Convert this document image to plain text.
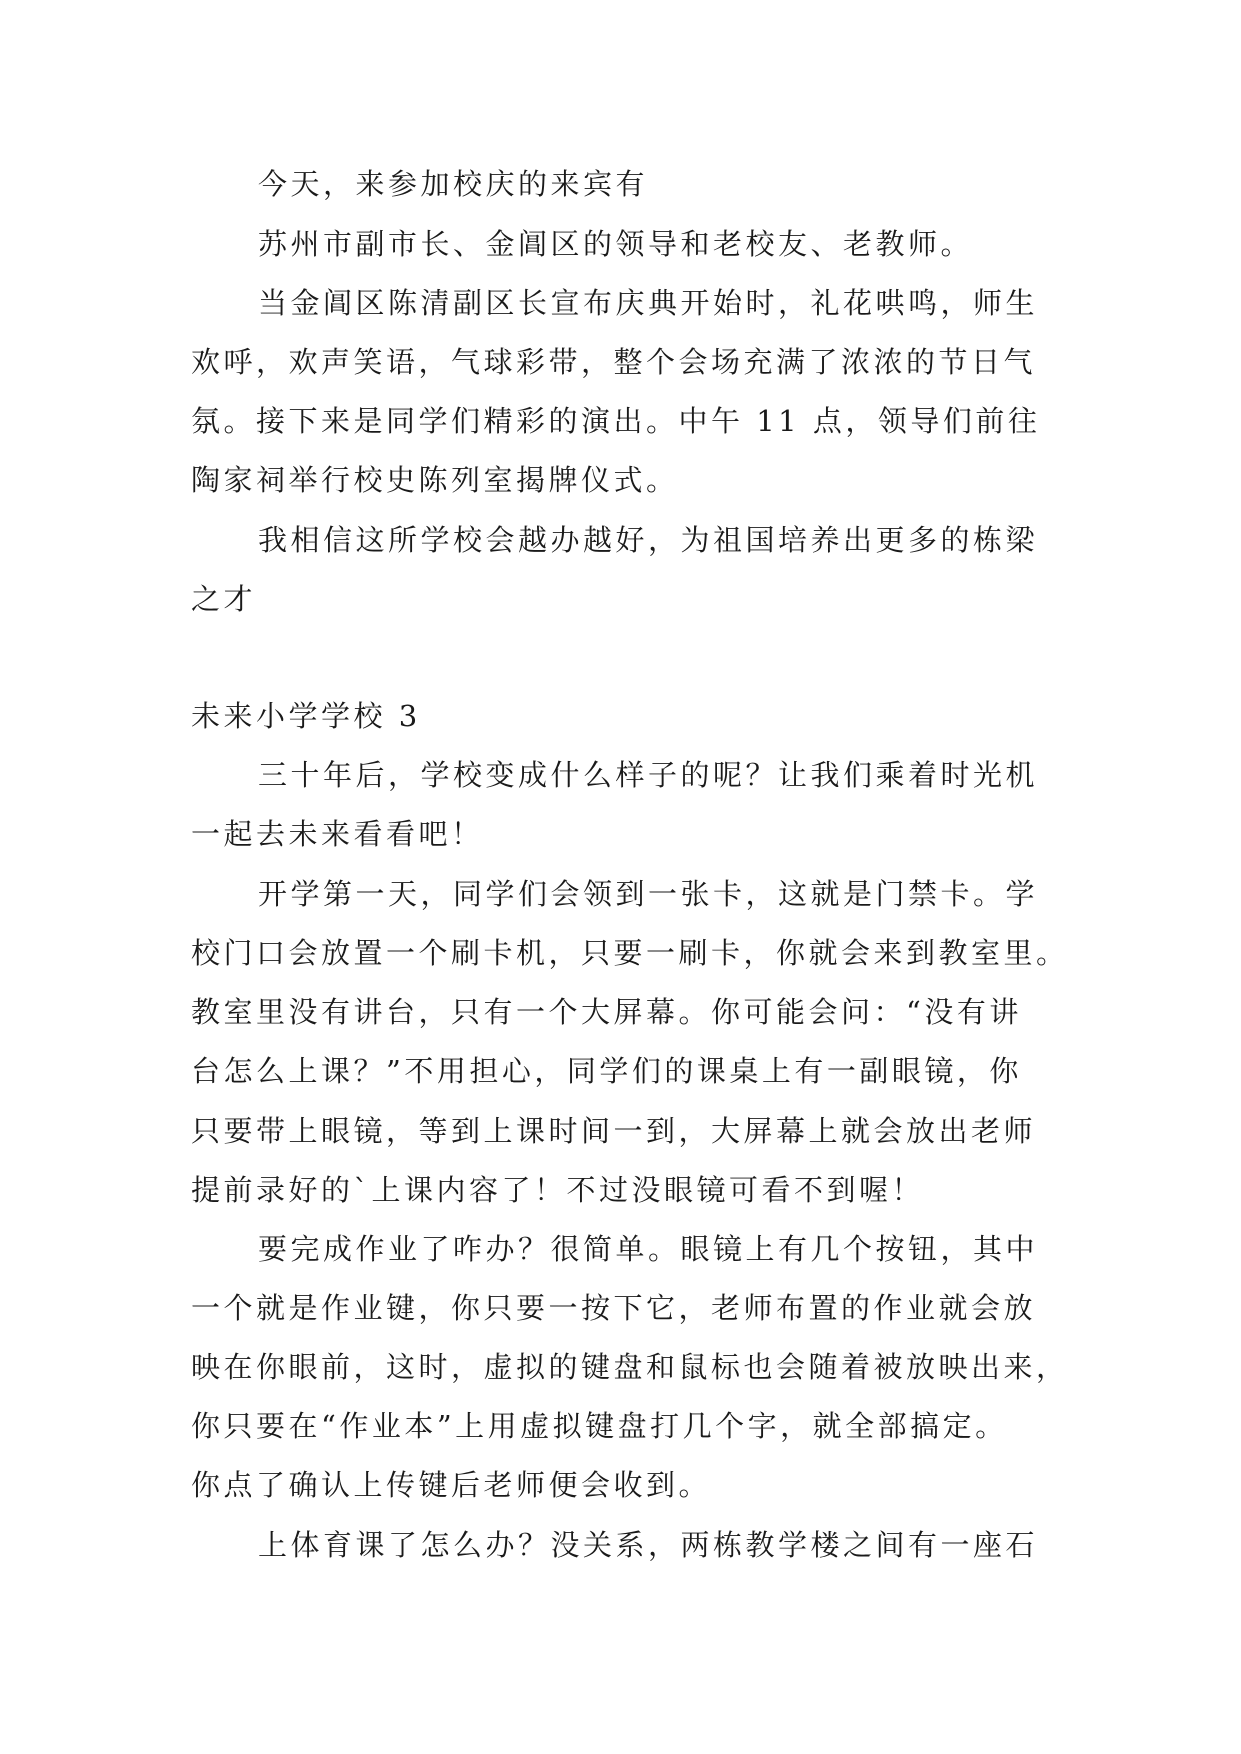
今天，来参加校庆的来宾有
苏州市副市长、金阊区的领导和老校友、老教师。
当金阊区陈清副区长宣布庆典开始时，礼花哄鸣，师生
欢呼，欢声笑语，气球彩带，整个会场充满了浓浓的节日气
氛。接下来是同学们精彩的演出。中午 11 点，领导们前往
陶家祠举行校史陈列室揭牌仪式。
我相信这所学校会越办越好，为祖国培养出更多的栋梁
之才
未来小学学校 3
三十年后，学校变成什么样子的呢？让我们乘着时光机
一起去未来看看吧！
开学第一天，同学们会领到一张卡，这就是门禁卡。学
校门口会放置一个刷卡机，只要一刷卡，你就会来到教室里。
教室里没有讲台，只有一个大屏幕。你可能会问：“没有讲
台怎么上课？”不用担心，同学们的课桌上有一副眼镜，你
只要带上眼镜，等到上课时间一到，大屏幕上就会放出老师
提前录好的`上课内容了！不过没眼镜可看不到喔！
要完成作业了咋办？很简单。眼镜上有几个按钮，其中
一个就是作业键，你只要一按下它，老师布置的作业就会放
映在你眼前，这时，虚拟的键盘和鼠标也会随着被放映出来，
你只要在“作业本”上用虚拟键盘打几个字，就全部搞定。
你点了确认上传键后老师便会收到。
上体育课了怎么办？没关系，两栋教学楼之间有一座石
